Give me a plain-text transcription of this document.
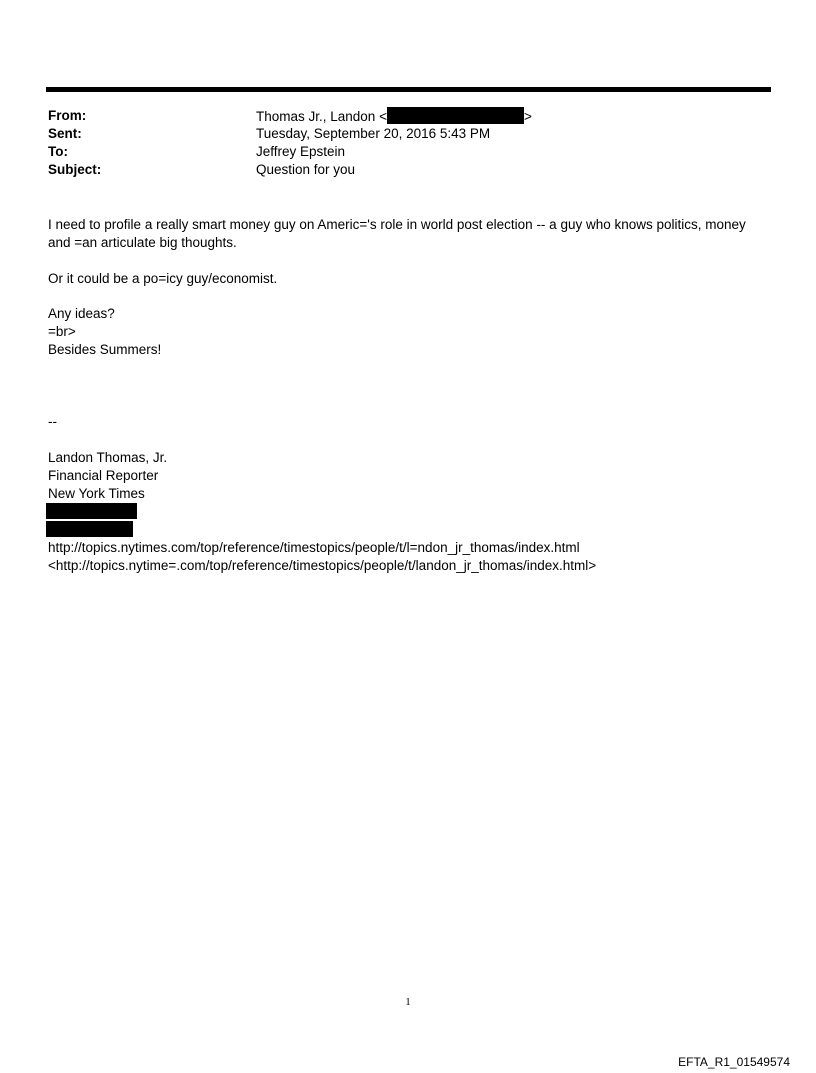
From:	Thomas Jr., Landon <	>
Sent:	Tuesday, September 20, 2016 5:43 PM
To:	Jeffrey Epstein
Subject:	Question for you
I need to profile a really smart money guy on Americ='s role in world post election -- a guy who knows politics, money
and =an articulate big thoughts.
Or it could be a po=icy guy/economist.
Any ideas?
=br>
Besides Summers!
--
Landon Thomas, Jr.
Financial Reporter
New York Times
http://topics.nytimes.com/top/reference/timestopics/people/t/l=ndon_jr_thomas/index.html
<http://topics.nytime=.com/top/reference/timestopics/people/t/landon_jr_thomas/index.html>
1
EFTA_R1_01549574
